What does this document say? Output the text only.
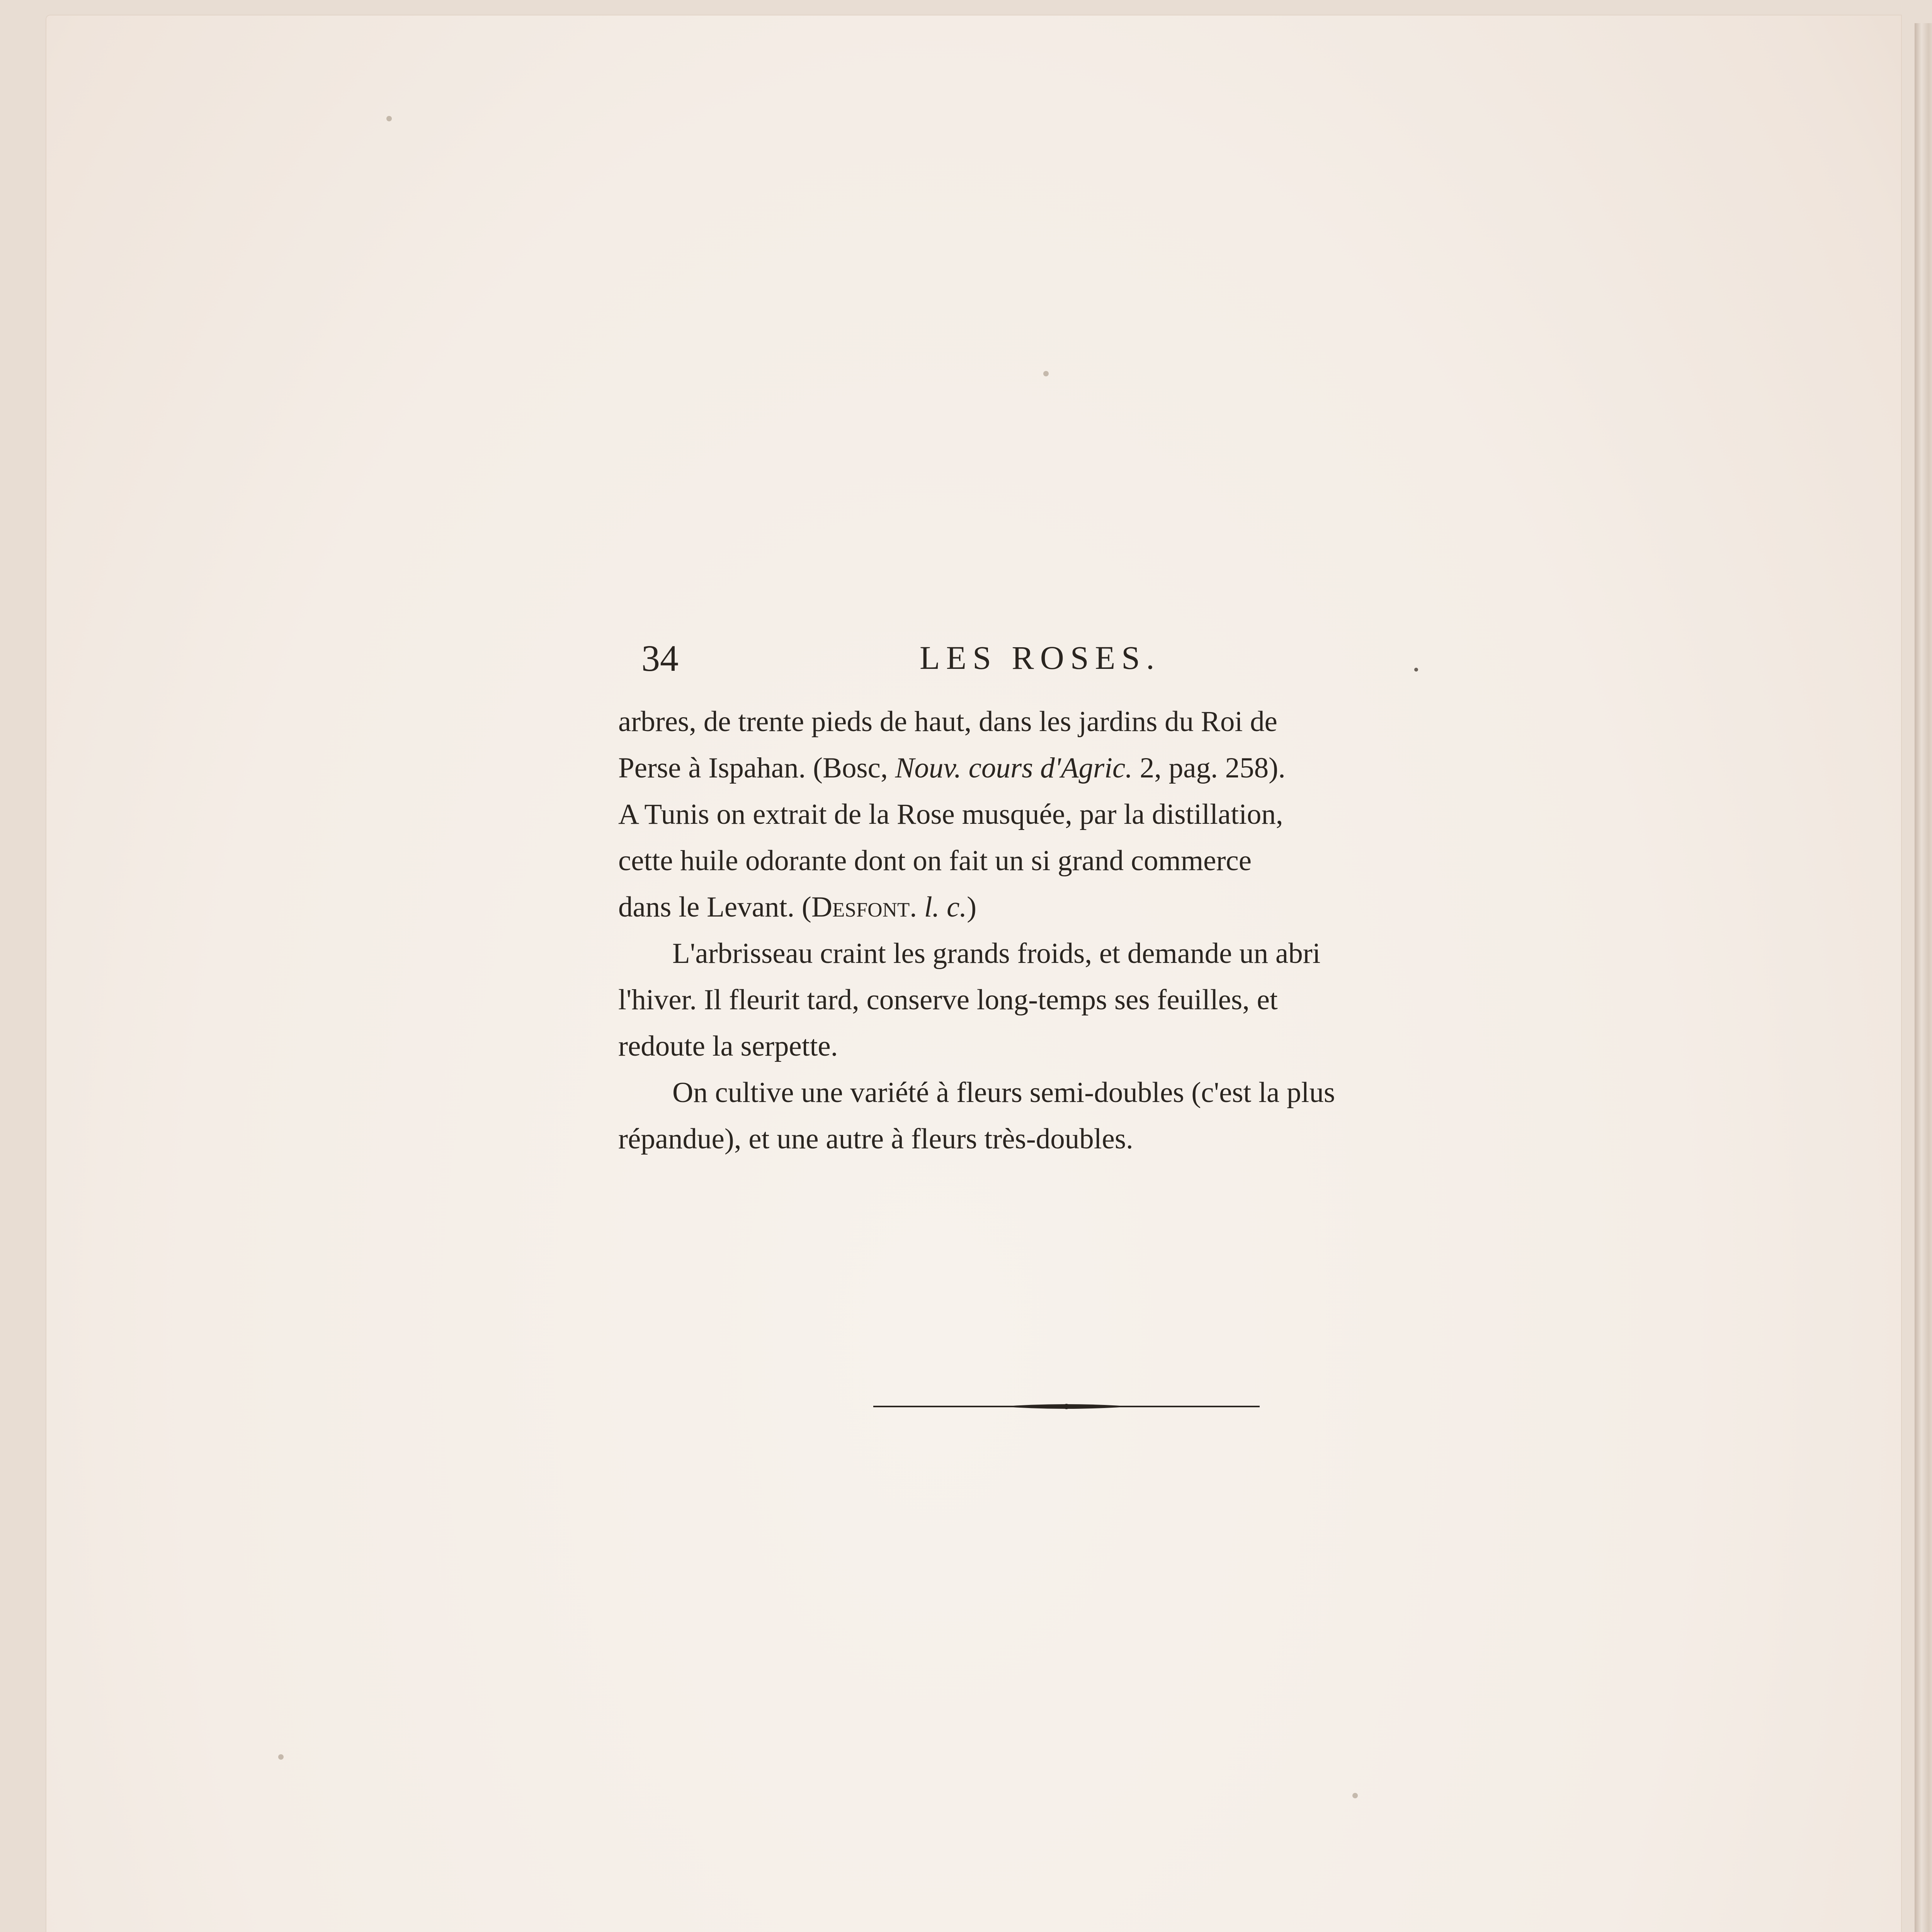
34	LES ROSES.

arbres, de trente pieds de haut, dans les jardins du Roi de
Perse à Ispahan. (Bosc, Nouv. cours d'Agric. 2, pag. 258).
A Tunis on extrait de la Rose musquée, par la distillation,
cette huile odorante dont on fait un si grand commerce
dans le Levant. (Desfont. l. c.)

L'arbrisseau craint les grands froids, et demande un abri
l'hiver. Il fleurit tard, conserve long-temps ses feuilles, et
redoute la serpette.

On cultive une variété à fleurs semi-doubles (c'est la plus
répandue), et une autre à fleurs très-doubles.
